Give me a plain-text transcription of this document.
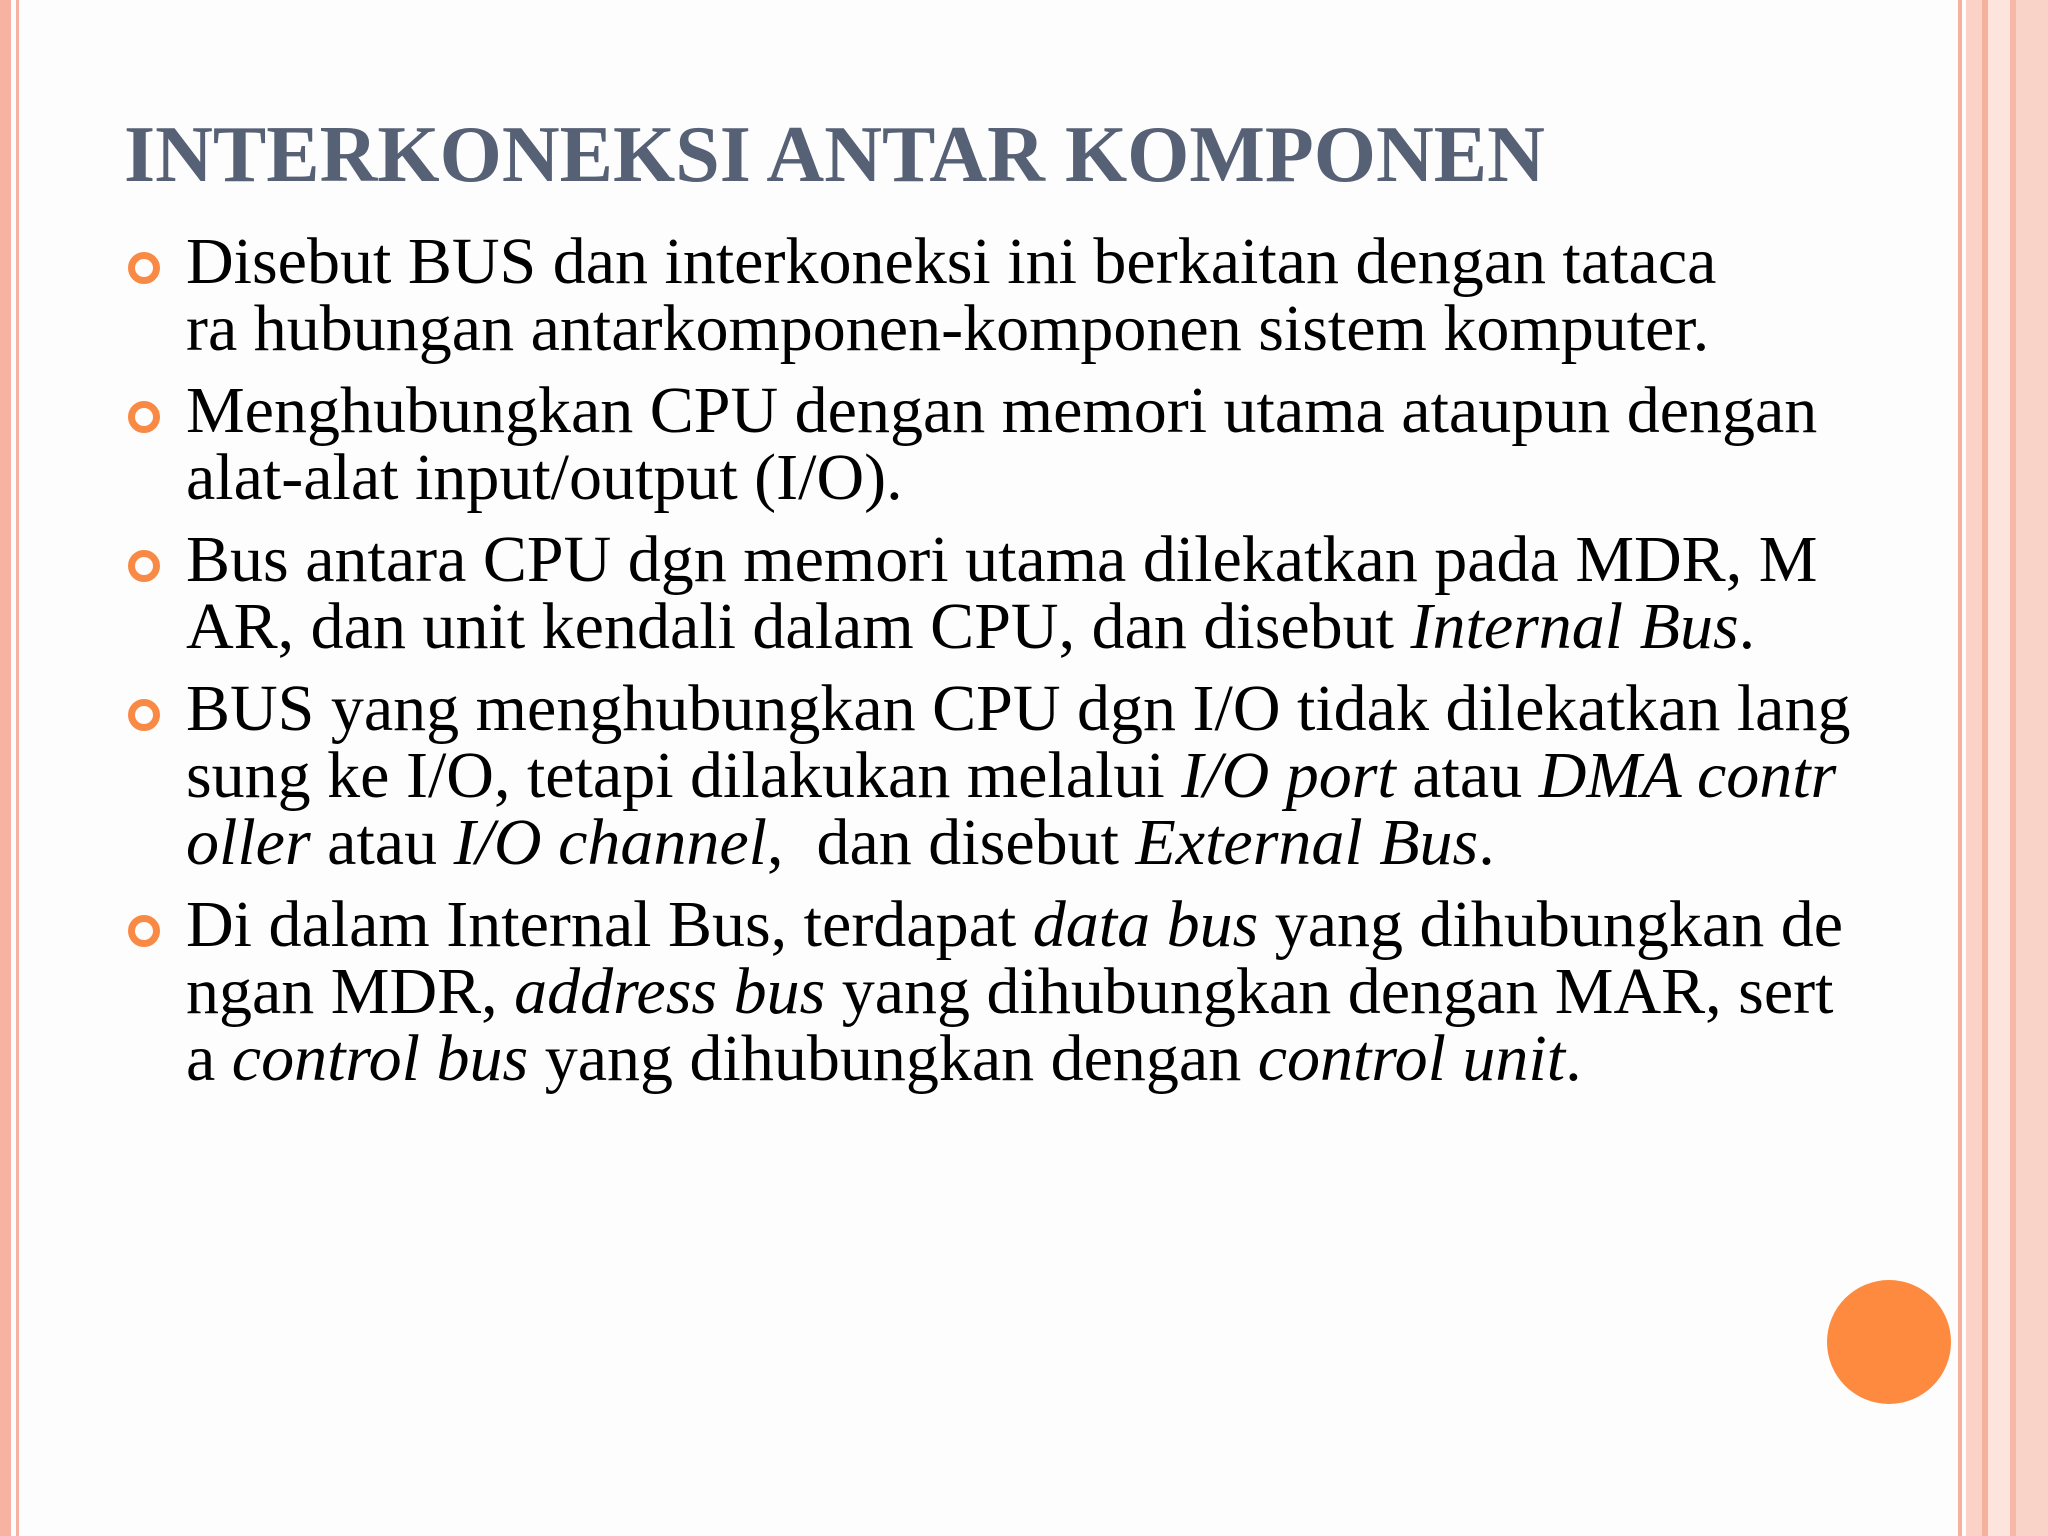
INTERKONEKSI ANTAR KOMPONEN
Disebut BUS dan interkoneksi ini berkaitan dengan tataca
ra hubungan antarkomponen-komponen sistem komputer.
Menghubungkan CPU dengan memori utama ataupun dengan
alat-alat input/output (I/O).
Bus antara CPU dgn memori utama dilekatkan pada MDR, M
AR, dan unit kendali dalam CPU, dan disebut Internal Bus.
BUS yang menghubungkan CPU dgn I/O tidak dilekatkan lang
sung ke I/O, tetapi dilakukan melalui I/O port atau DMA contr
oller atau I/O channel,  dan disebut External Bus.
Di dalam Internal Bus, terdapat data bus yang dihubungkan de
ngan MDR, address bus yang dihubungkan dengan MAR, sert
a control bus yang dihubungkan dengan control unit.
